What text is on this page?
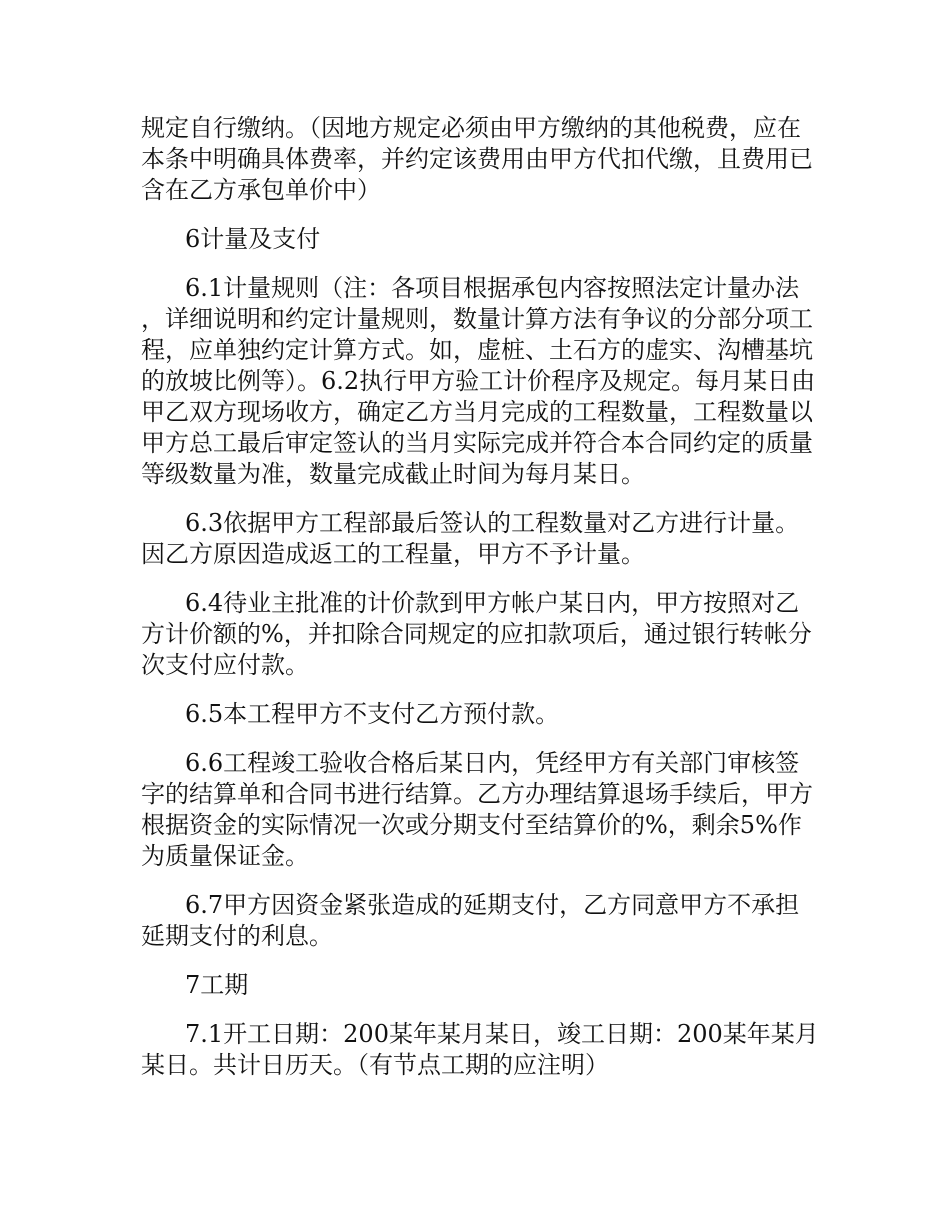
规定自行缴纳。（因地方规定必须由甲方缴纳的其他税费，应在本条中明确具体费率，并约定该费用由甲方代扣代缴，且费用已含在乙方承包单价中）

6计量及支付

6.1计量规则（注：各项目根据承包内容按照法定计量办法，详细说明和约定计量规则，数量计算方法有争议的分部分项工程，应单独约定计算方式。如，虚桩、土石方的虚实、沟槽基坑的放坡比例等）。6.2执行甲方验工计价程序及规定。每月某日由甲乙双方现场收方，确定乙方当月完成的工程数量，工程数量以甲方总工最后审定签认的当月实际完成并符合本合同约定的质量等级数量为准，数量完成截止时间为每月某日。

6.3依据甲方工程部最后签认的工程数量对乙方进行计量。因乙方原因造成返工的工程量，甲方不予计量。

6.4待业主批准的计价款到甲方帐户某日内，甲方按照对乙方计价额的%，并扣除合同规定的应扣款项后，通过银行转帐分次支付应付款。

6.5本工程甲方不支付乙方预付款。

6.6工程竣工验收合格后某日内，凭经甲方有关部门审核签字的结算单和合同书进行结算。乙方办理结算退场手续后，甲方根据资金的实际情况一次或分期支付至结算价的%，剩余5%作为质量保证金。

6.7甲方因资金紧张造成的延期支付，乙方同意甲方不承担延期支付的利息。

7工期

7.1开工日期：200某年某月某日，竣工日期：200某年某月某日。共计日历天。（有节点工期的应注明）
